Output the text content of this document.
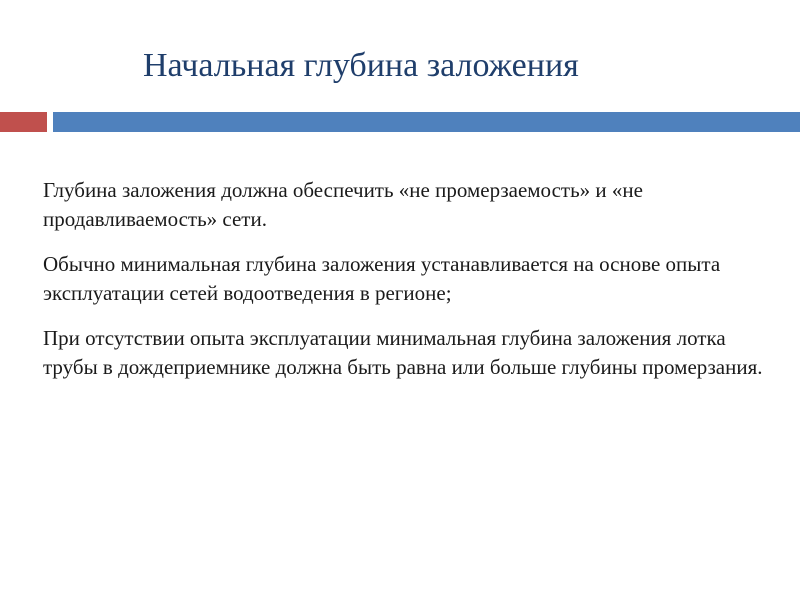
Начальная глубина заложения

Глубина заложения должна обеспечить «не промерзаемость» и «не продавливаемость» сети.

Обычно минимальная глубина заложения устанавливается на основе опыта эксплуатации сетей водоотведения в регионе;

При отсутствии опыта эксплуатации минимальная глубина заложения лотка трубы в дождеприемнике должна быть равна или больше глубины промерзания.
